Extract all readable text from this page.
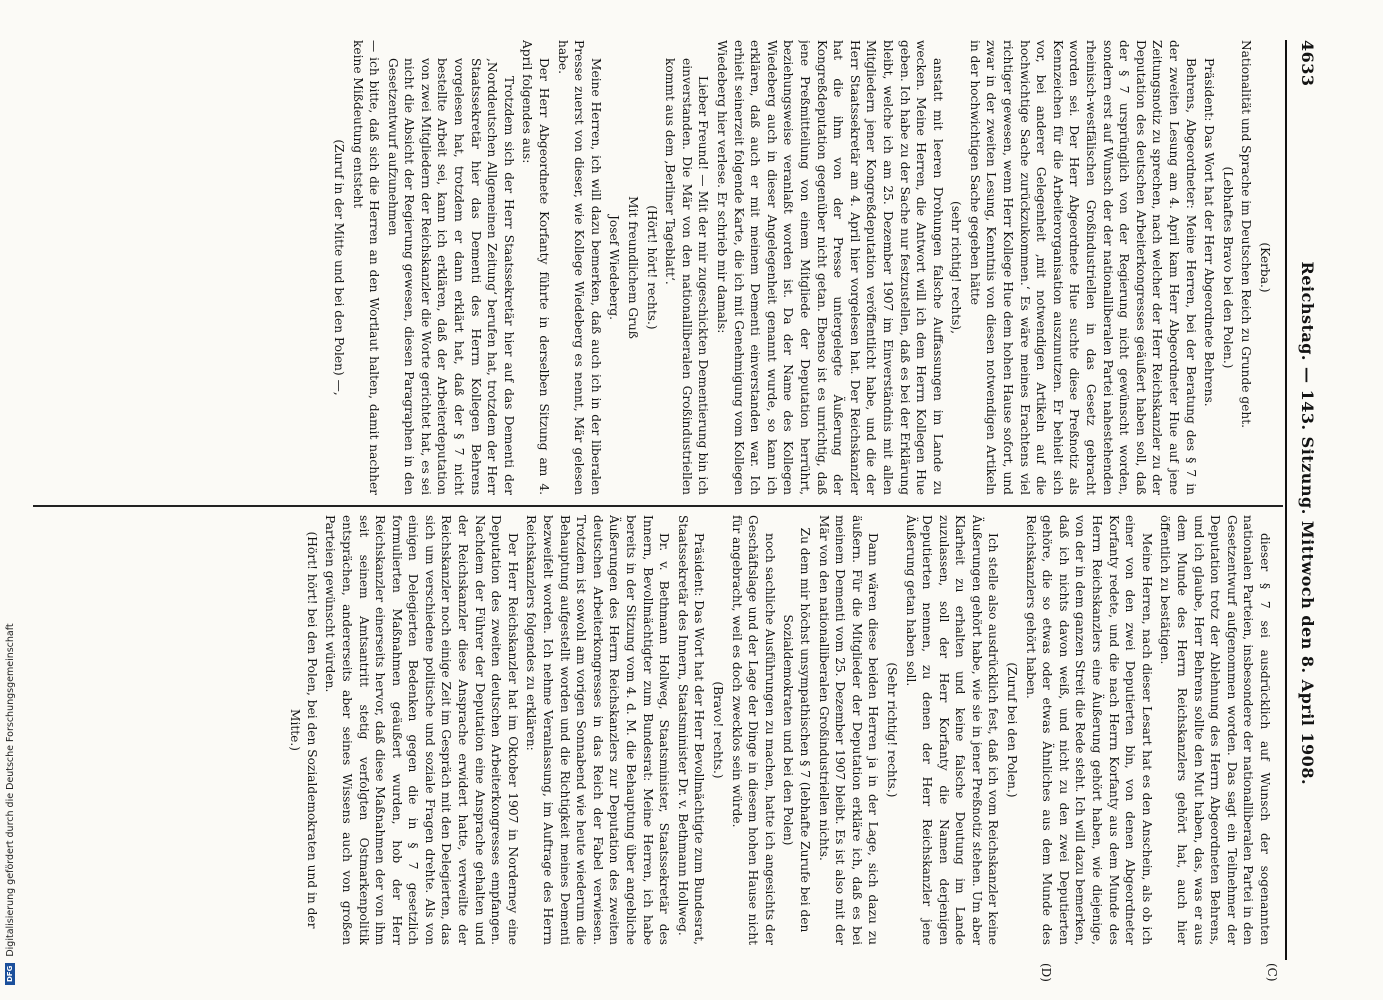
4633
Reichstag. — 143. Sitzung. Mittwoch den 8. April 1908.

dieser § 7 sei ausdrücklich auf Wunsch der sogenannten nationalen Parteien, insbesondere der nationalliberalen Partei in den Gesetzentwurf aufgenommen worden. Das sagt ein Teilnehmer der Deputation trotz der Ablehnung des Herrn Abgeordneten Behrens, und ich glaube, Herr Behrens sollte den Mut haben, das, was er aus dem Munde des Herrn Reichskanzlers gehört hat, auch hier öffentlich zu bestätigen.

Meine Herren, nach dieser Lesart hat es den Anschein, als ob ich einer von den zwei Deputierten bin, von denen Abgeordneter Korfanty redete, und die nach Herrn Korfanty aus dem Munde des Herrn Reichskanzlers eine Äußerung gehört haben, wie diejenige, von der in dem ganzen Streit die Rede steht. Ich will dazu bemerken, daß ich nichts davon weiß, und nicht zu den zwei Deputierten gehöre, die so etwas oder etwas Ähnliches aus dem Munde des Reichskanzlers gehört haben.

(Zuruf bei den Polen.)

Ich stelle also ausdrücklich fest, daß ich vom Reichskanzler keine Äußerungen gehört habe, wie sie in jener Preßnotiz stehen. Um aber Klarheit zu erhalten und keine falsche Deutung im Lande zuzulassen, soll der Herr Korfanty die Namen derjenigen Deputierten nennen, zu denen der Herr Reichskanzler jene Äußerung getan haben soll.

(Sehr richtig! rechts.)

Dann wären diese beiden Herren ja in der Lage, sich dazu zu äußern. Für die Mitglieder der Deputation erkläre ich, daß es bei meinem Dementi vom 25. Dezember 1907 bleibt. Es ist also mit der Mär von den nationalliberalen Großindustriellen nichts.

Zu dem mir höchst unsympathischen § 7 (lebhafte Zurufe bei den Sozialdemokraten und bei den Polen)

noch sachliche Ausführungen zu machen, hatte ich angesichts der Geschäftslage und der Lage der Dinge in diesem hohen Hause nicht für angebracht, weil es doch zwecklos sein würde.

(Bravo! rechts.)

Präsident: Das Wort hat der Herr Bevollmächtigte zum Bundesrat, Staatssekretär des Innern, Staatsminister Dr. v. Bethmann Hollweg.

Dr. v. Bethmann Hollweg, Staatsminister, Staatssekretär des Innern, Bevollmächtigter zum Bundesrat: Meine Herren, ich habe bereits in der Sitzung vom 4. d. M. die Behauptung über angebliche Äußerungen des Herrn Reichskanzlers zur Deputation des zweiten deutschen Arbeiterkongresses in das Reich der Fabel verwiesen. Trotzdem ist sowohl am vorigen Sonnabend wie heute wiederum die Behauptung aufgestellt worden und die Richtigkeit meines Dementi bezweifelt worden. Ich nehme Veranlassung, im Auftrage des Herrn Reichskanzlers folgendes zu erklären:

Der Herr Reichskanzler hat im Oktober 1907 in Norderney eine Deputation des zweiten deutschen Arbeiterkongresses empfangen. Nachdem der Führer der Deputation eine Ansprache gehalten und der Reichskanzler diese Ansprache erwidert hatte, verweilte der Reichskanzler noch einige Zeit im Gespräch mit den Delegierten, das sich um verschiedene politische und soziale Fragen drehte. Als von einigen Delegierten Bedenken gegen die in § 7 gesetzlich formulierten Maßnahmen geäußert wurden, hob der Herr Reichskanzler einerseits hervor, daß diese Maßnahmen der von ihm seit seinem Amtsantritt stetig verfolgten Ostmarkenpolitik entsprächen, andererseits aber seines Wissens auch von großen Parteien gewünscht würden.

(Hört! hört! bei den Polen, bei den Sozialdemokraten und in der Mitte.)

(Kerba.)

Nationalität und Sprache im Deutschen Reich zu Grunde geht.

(Lebhaftes Bravo bei den Polen.)

Präsident: Das Wort hat der Herr Abgeordnete Behrens.

Behrens, Abgeordneter: Meine Herren, bei der Beratung des § 7 in der zweiten Lesung am 4. April kam Herr Abgeordneter Hue auf jene Zeitungsnotiz zu sprechen, nach welcher der Herr Reichskanzler zu der Deputation des deutschen Arbeiterkongresses geäußert haben soll, daß der § 7 ursprünglich von der Regierung nicht gewünscht worden, sondern erst auf Wunsch der der nationalliberalen Partei nahestehenden rheinisch-westfälischen Großindustriellen in das Gesetz gebracht worden sei. Der Herr Abgeordnete Hue suchte diese Preßnotiz als Kennzeichen für die Arbeiterorganisation auszunutzen. Er behielt sich vor, bei anderer Gelegenheit ‚mit notwendigen Artikeln auf die hochwichtige Sache zurückzukommen.‘ Es wäre meines Erachtens viel richtiger gewesen, wenn Herr Kollege Hue dem hohen Hause sofort, und zwar in der zweiten Lesung, Kenntnis von diesen notwendigen Artikeln in der hochwichtigen Sache gegeben hätte

(sehr richtig! rechts),

anstatt mit leeren Drohungen falsche Auffassungen im Lande zu wecken. Meine Herren, die Antwort will ich dem Herrn Kollegen Hue geben. Ich habe zu der Sache nur festzustellen, daß es bei der Erklärung bleibt, welche ich am 25. Dezember 1907 im Einverständnis mit allen Mitgliedern jener Kongreßdeputation veröffentlicht habe, und die der Herr Staatssekretär am 4. April hier vorgelesen hat. Der Reichskanzler hat die ihm von der Presse untergelegte Äußerung der Kongreßdeputation gegenüber nicht getan. Ebenso ist es unrichtig, daß jene Preßmitteilung von einem Mitgliede der Deputation herrührt, beziehungsweise veranlaßt worden ist. Da der Name des Kollegen Wiedeberg auch in dieser Angelegenheit genannt wurde, so kann ich erklären, daß auch er mit meinem Dementi einverstanden war. Ich erhielt seinerzeit folgende Karte, die ich mit Genehmigung vom Kollegen Wiedeberg hier verlese. Er schrieb mir damals:

Lieber Freund! — Mit der mir zugeschickten Dementierung bin ich einverstanden. Die Mär von den nationalliberalen Großindustriellen kommt aus dem ‚Berliner Tageblatt‘.

(Hört! hört! rechts.)

Mit freundlichem Gruß

Josef Wiedeberg.

Meine Herren, ich will dazu bemerken, daß auch ich in der liberalen Presse zuerst von dieser, wie Kollege Wiedeberg es nennt, Mär gelesen habe.

Der Herr Abgeordnete Korfanty führte in derselben Sitzung am 4. April folgendes aus:

Trotzdem sich der Herr Staatssekretär hier auf das Dementi der ‚Norddeutschen Allgemeinen Zeitung‘ berufen hat, trotzdem der Herr Staatssekretär hier das Dementi des Herrn Kollegen Behrens vorgelesen hat, trotzdem er dann erklärt hat, daß der § 7 nicht bestellte Arbeit sei, kann ich erklären, daß der Arbeiterdeputation von zwei Mitgliedern der Reichskanzler die Worte gerichtet hat, es sei nicht die Absicht der Regierung gewesen, diesen Paragraphen in den Gesetzentwurf aufzunehmen

— ich bitte, daß sich die Herren an den Wortlaut halten, damit nachher keine Mißdeutung entsteht

(Zuruf in der Mitte und bei den Polen) —,

(C)
(D)
DFG
Digitalisierung gefördert durch die Deutsche Forschungsgemeinschaft
